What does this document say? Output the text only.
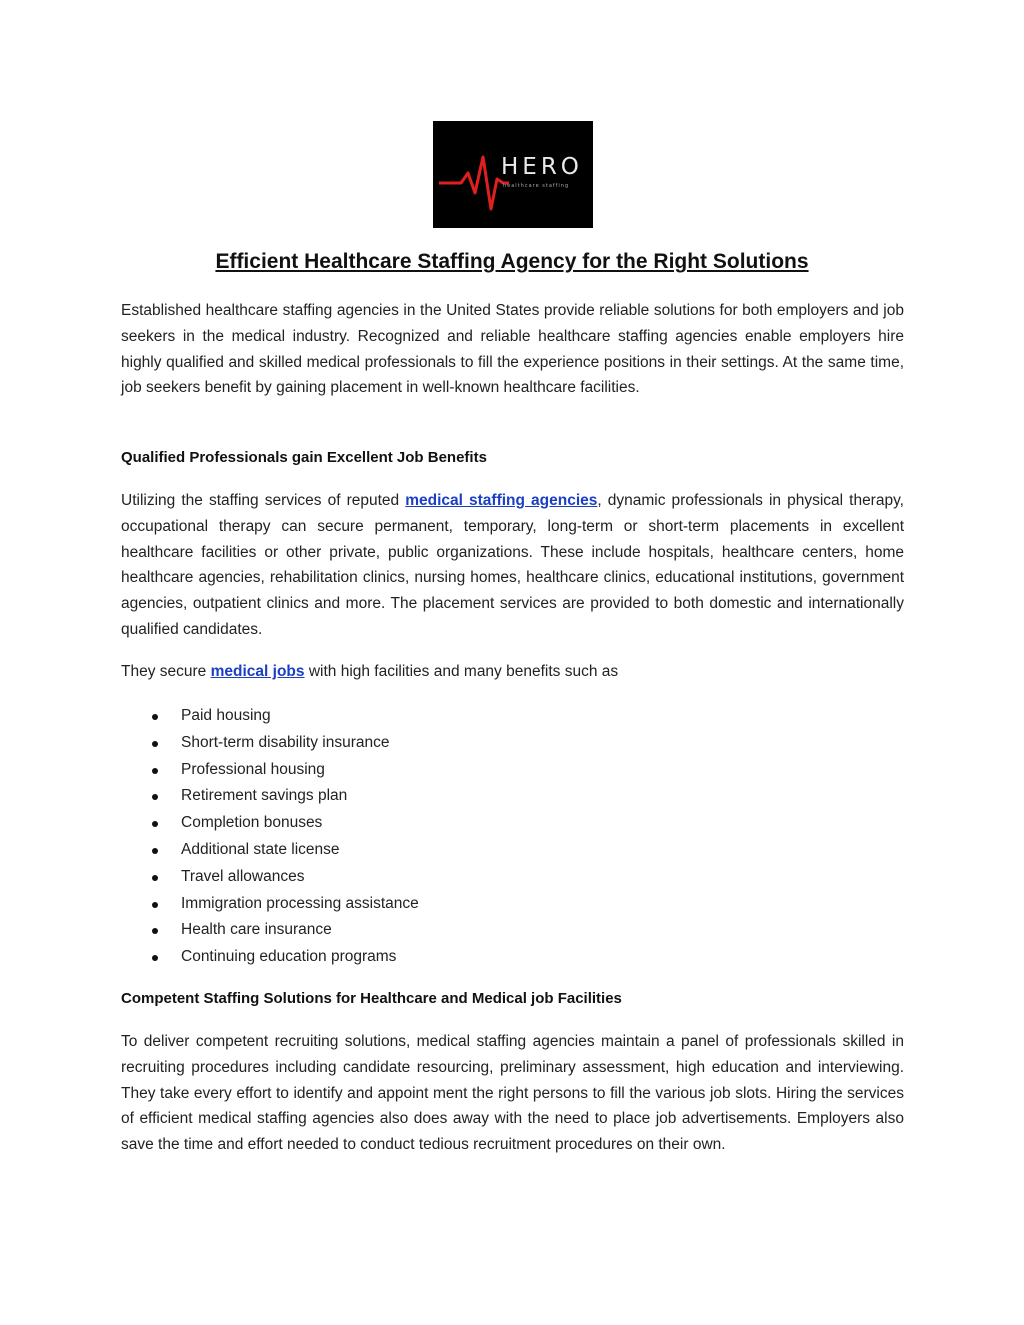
HERO
healthcare staffing
Efficient Healthcare Staffing Agency for the Right Solutions

Established healthcare staffing agencies in the United States provide reliable solutions for both employers and job seekers in the medical industry. Recognized and reliable healthcare staffing agencies enable employers hire highly qualified and skilled medical professionals to fill the experience positions in their settings. At the same time, job seekers benefit by gaining placement in well-known healthcare facilities.

Qualified Professionals gain Excellent Job Benefits

Utilizing the staffing services of reputed medical staffing agencies, dynamic professionals in physical therapy, occupational therapy can secure permanent, temporary, long-term or short-term placements in excellent healthcare facilities or other private, public organizations. These include hospitals, healthcare centers, home healthcare agencies, rehabilitation clinics, nursing homes, healthcare clinics, educational institutions, government agencies, outpatient clinics and more. The placement services are provided to both domestic and internationally qualified candidates.

They secure medical jobs with high facilities and many benefits such as

Paid housing
Short-term disability insurance
Professional housing
Retirement savings plan
Completion bonuses
Additional state license
Travel allowances
Immigration processing assistance
Health care insurance
Continuing education programs
Competent Staffing Solutions for Healthcare and Medical job Facilities

To deliver competent recruiting solutions, medical staffing agencies maintain a panel of professionals skilled in recruiting procedures including candidate resourcing, preliminary assessment, high education and interviewing. They take every effort to identify and appoint ment the right persons to fill the various job slots. Hiring the services of efficient medical staffing agencies also does away with the need to place job advertisements. Employers also save the time and effort needed to conduct tedious recruitment procedures on their own.
